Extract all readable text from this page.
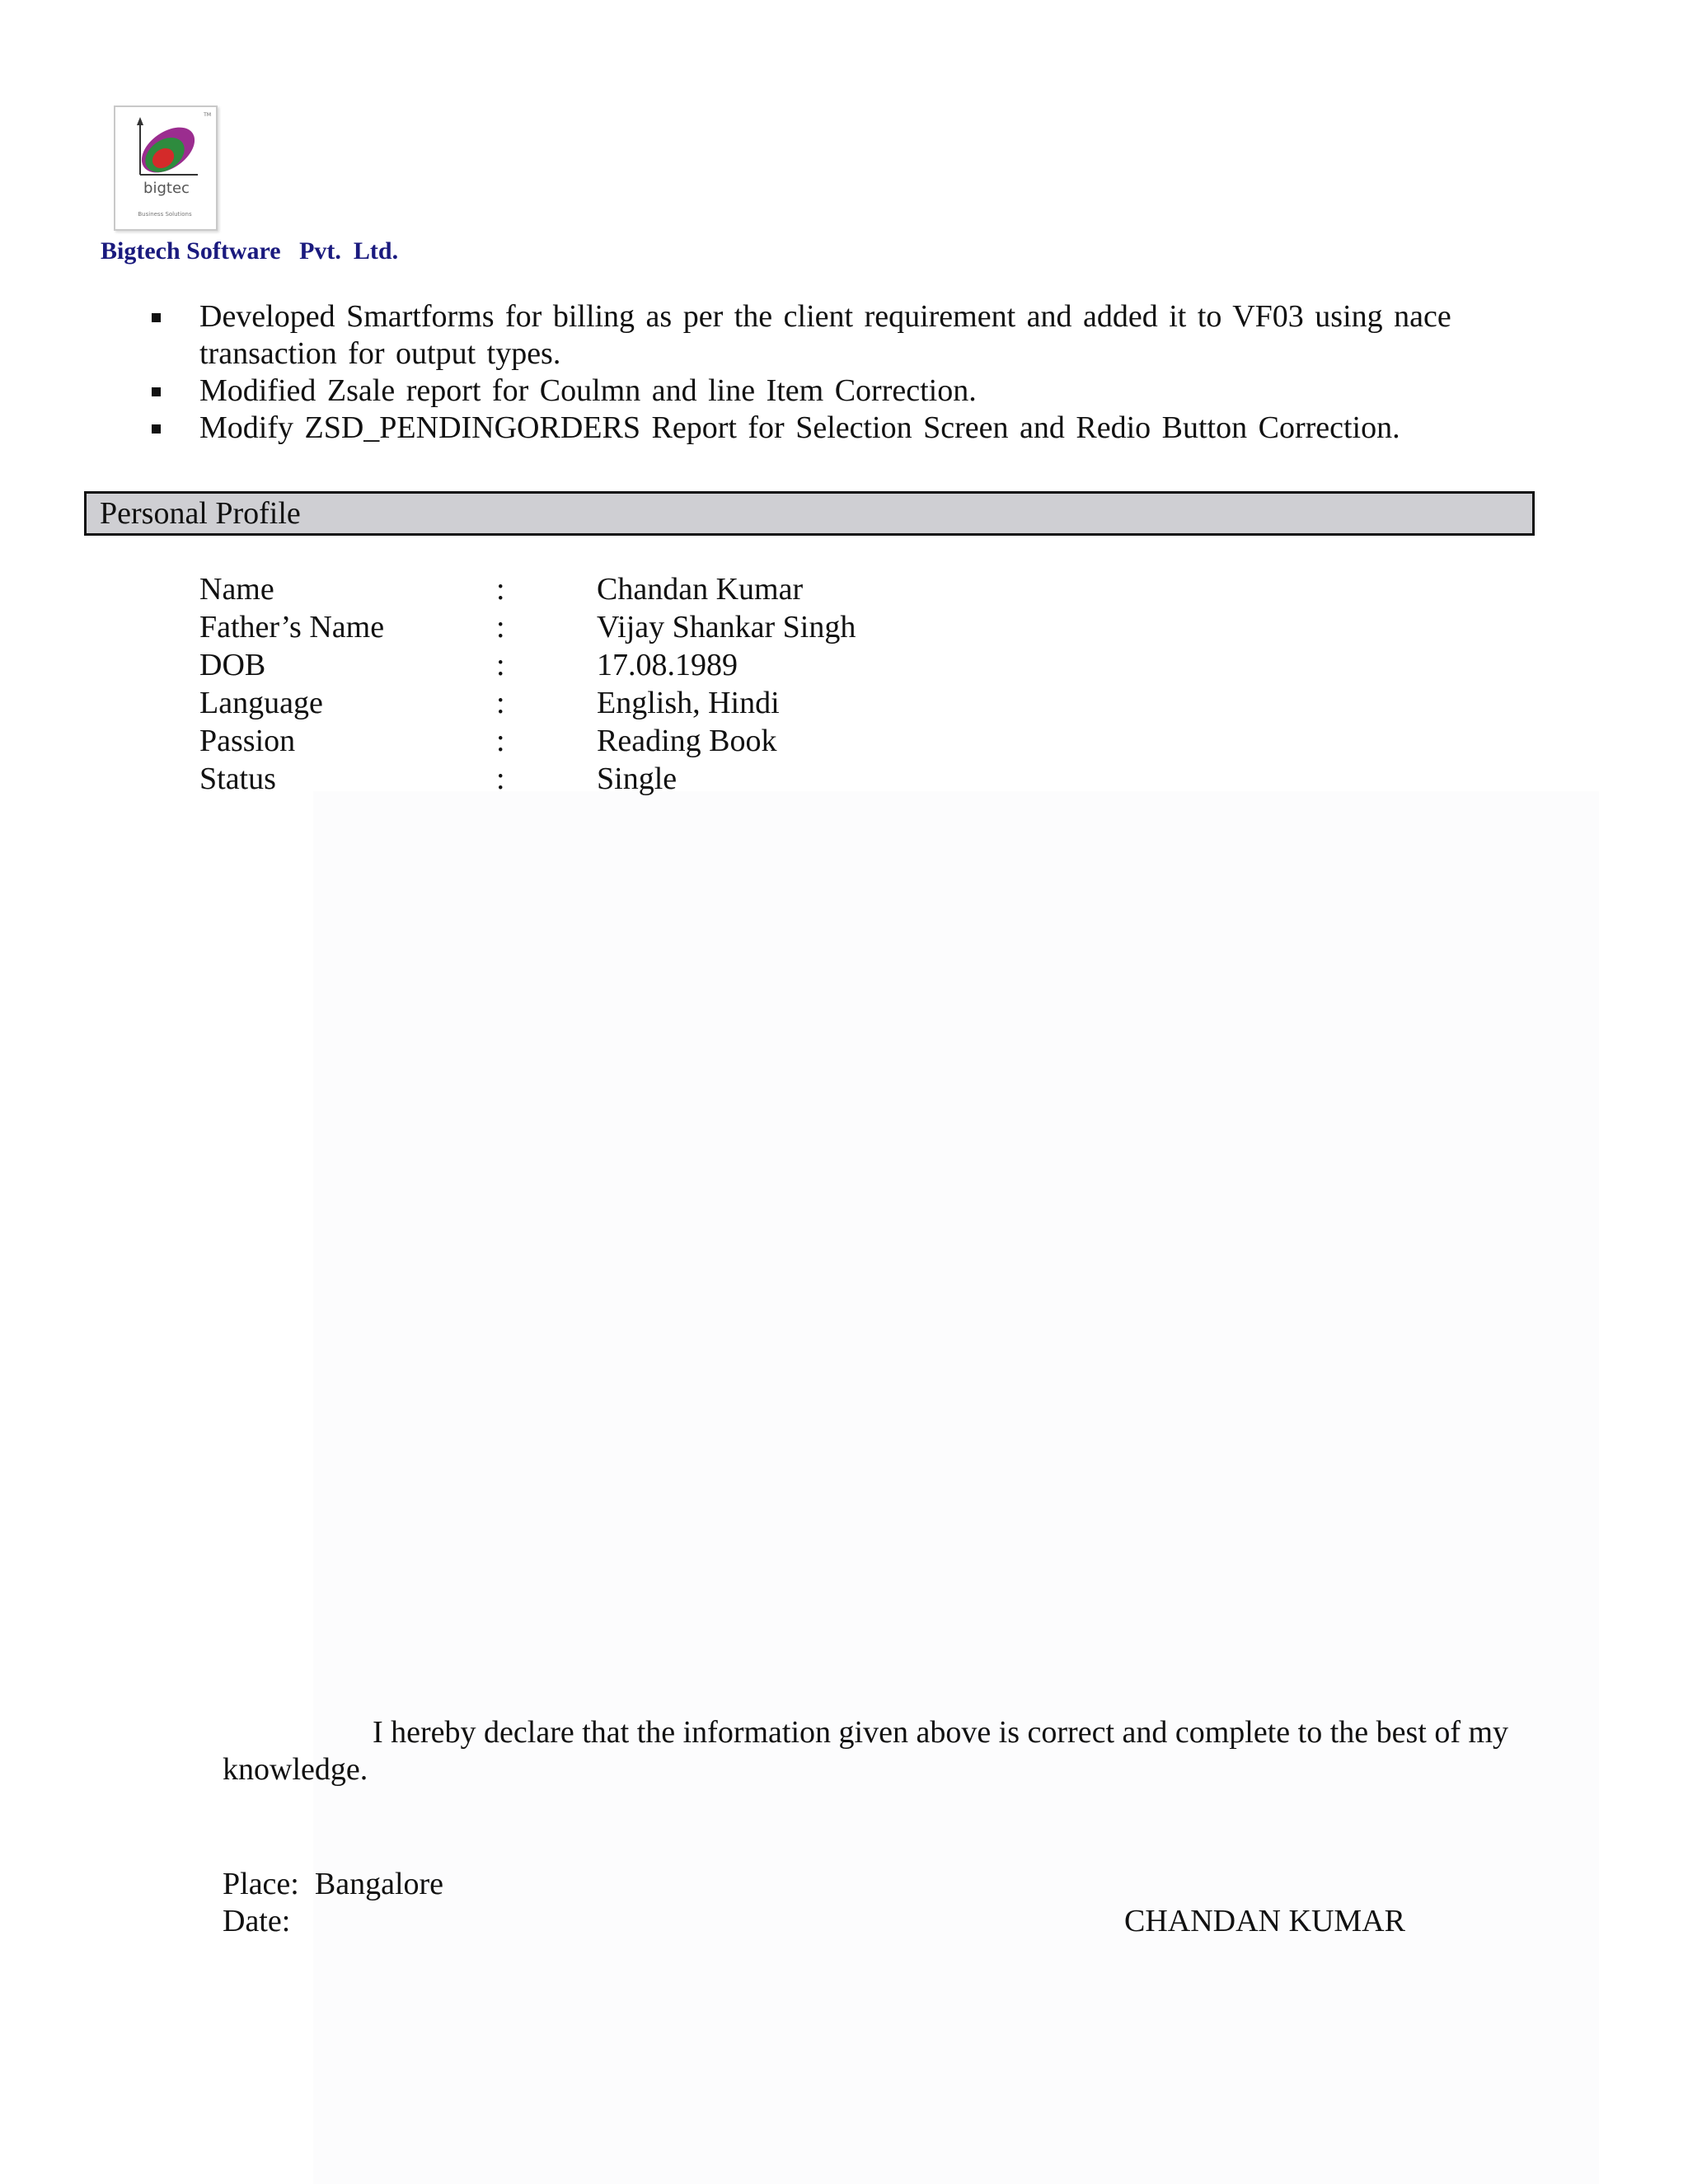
TM
bigtec
Business Solutions
Bigtech Software   Pvt.  Ltd.
Developed Smartforms for billing as per the client requirement and added it to VF03 using nace transaction for output types.
Modified Zsale report for Coulmn and line Item Correction.
Modify ZSD_PENDINGORDERS Report for Selection Screen and Redio Button Correction.
Personal Profile
Name	:	Chandan Kumar
Father’s Name	:	Vijay Shankar Singh
DOB	:	17.08.1989
Language	:	English, Hindi
Passion	:	Reading Book
Status	:	Single
I hereby declare that the information given above is correct and complete to the best of my knowledge.
Place: Bangalore
Date:	CHANDAN KUMAR
